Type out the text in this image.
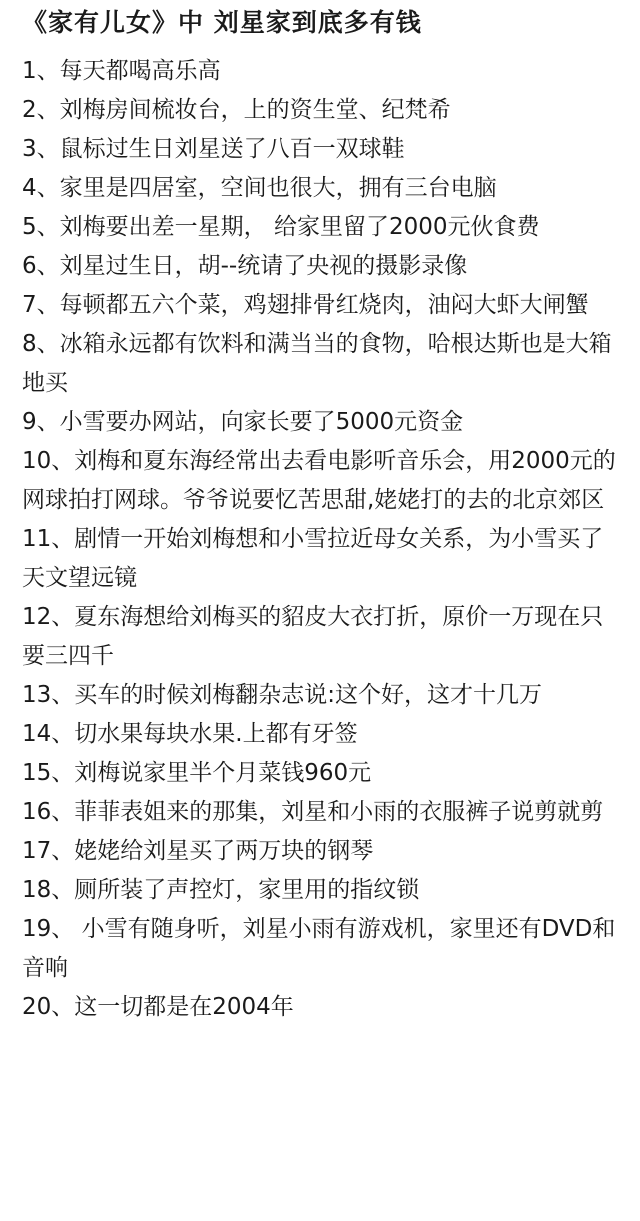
《家有儿女》中 刘星家到底多有钱
1、每天都喝高乐高
2、刘梅房间梳妆台，上的资生堂、纪梵希
3、鼠标过生日刘星送了八百一双球鞋
4、家里是四居室，空间也很大，拥有三台电脑
5、刘梅要出差一星期， 给家里留了2000元伙食费
6、刘星过生日，胡--统请了央视的摄影录像
7、每顿都五六个菜，鸡翅排骨红烧肉，油闷大虾大闸蟹
8、冰箱永远都有饮料和满当当的食物，哈根达斯也是大箱地买
9、小雪要办网站，向家长要了5000元资金
10、刘梅和夏东海经常出去看电影听音乐会，用2000元的网球拍打网球。爷爷说要忆苦思甜,姥姥打的去的北京郊区
11、剧情一开始刘梅想和小雪拉近母女关系，为小雪买了天文望远镜
12、夏东海想给刘梅买的貂皮大衣打折，原价一万现在只要三四千
13、买车的时候刘梅翻杂志说:这个好，这才十几万
14、切水果每块水果.上都有牙签
15、刘梅说家里半个月菜钱960元
16、菲菲表姐来的那集，刘星和小雨的衣服裤子说剪就剪
17、姥姥给刘星买了两万块的钢琴
18、厕所装了声控灯，家里用的指纹锁
19、 小雪有随身听，刘星小雨有游戏机，家里还有DVD和音响
20、这一切都是在2004年
